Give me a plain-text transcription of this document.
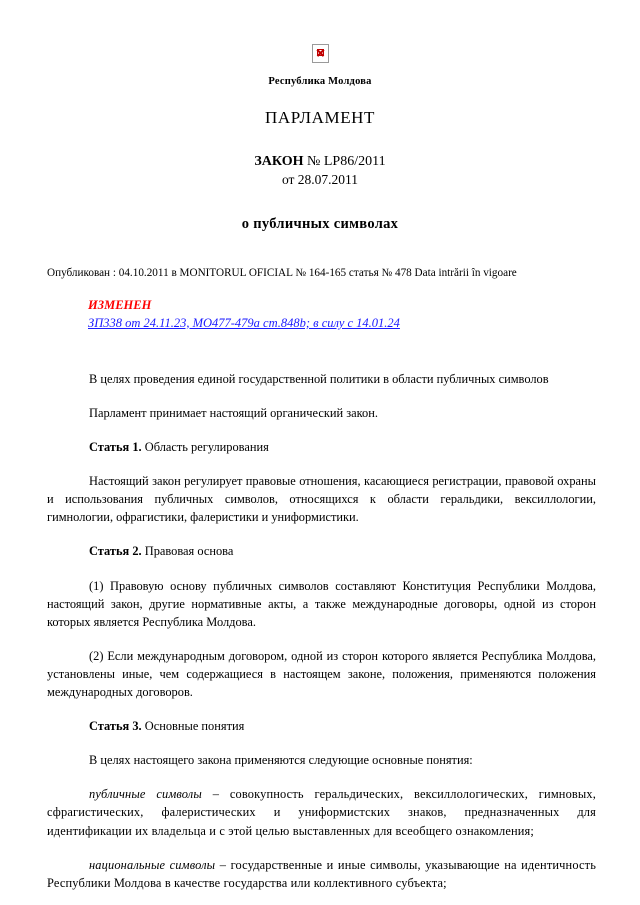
Республика Молдова
ПАРЛАМЕНТ
ЗАКОН № LP86/2011
от 28.07.2011
о публичных символах
Опубликован : 04.10.2011 в MONITORUL OFICIAL № 164-165 статья № 478 Data intrării în vigoare
ИЗМЕНЕН
ЗП338 от 24.11.23, МО477-479а ст.848b; в силу с 14.01.24

В целях проведения единой государственной политики в области публичных символов

Парламент принимает настоящий органический закон.

Статья 1. Область регулирования

Настоящий закон регулирует правовые отношения, касающиеся регистрации, правовой охраны и использования публичных символов, относящихся к области геральдики, вексиллологии, гимнологии, офрагистики, фалеристики и униформистики.

Статья 2. Правовая основа

(1) Правовую основу публичных символов составляют Конституция Республики Молдова, настоящий закон, другие нормативные акты, а также международные договоры, одной из сторон которых является Республика Молдова.

(2) Если международным договором, одной из сторон которого является Республика Молдова, установлены иные, чем содержащиеся в настоящем законе, положения, применяются положения международных договоров.

Статья 3. Основные понятия

В целях настоящего закона применяются следующие основные понятия:

публичные символы – совокупность геральдических, вексиллологических, гимновых, сфрагистических, фалеристических и униформистских знаков, предназначенных для идентификации их владельца и с этой целью выставленных для всеобщего ознакомления;

национальные символы – государственные и иные символы, указывающие на идентичность Республики Молдова в качестве государства или коллективного субъекта;
